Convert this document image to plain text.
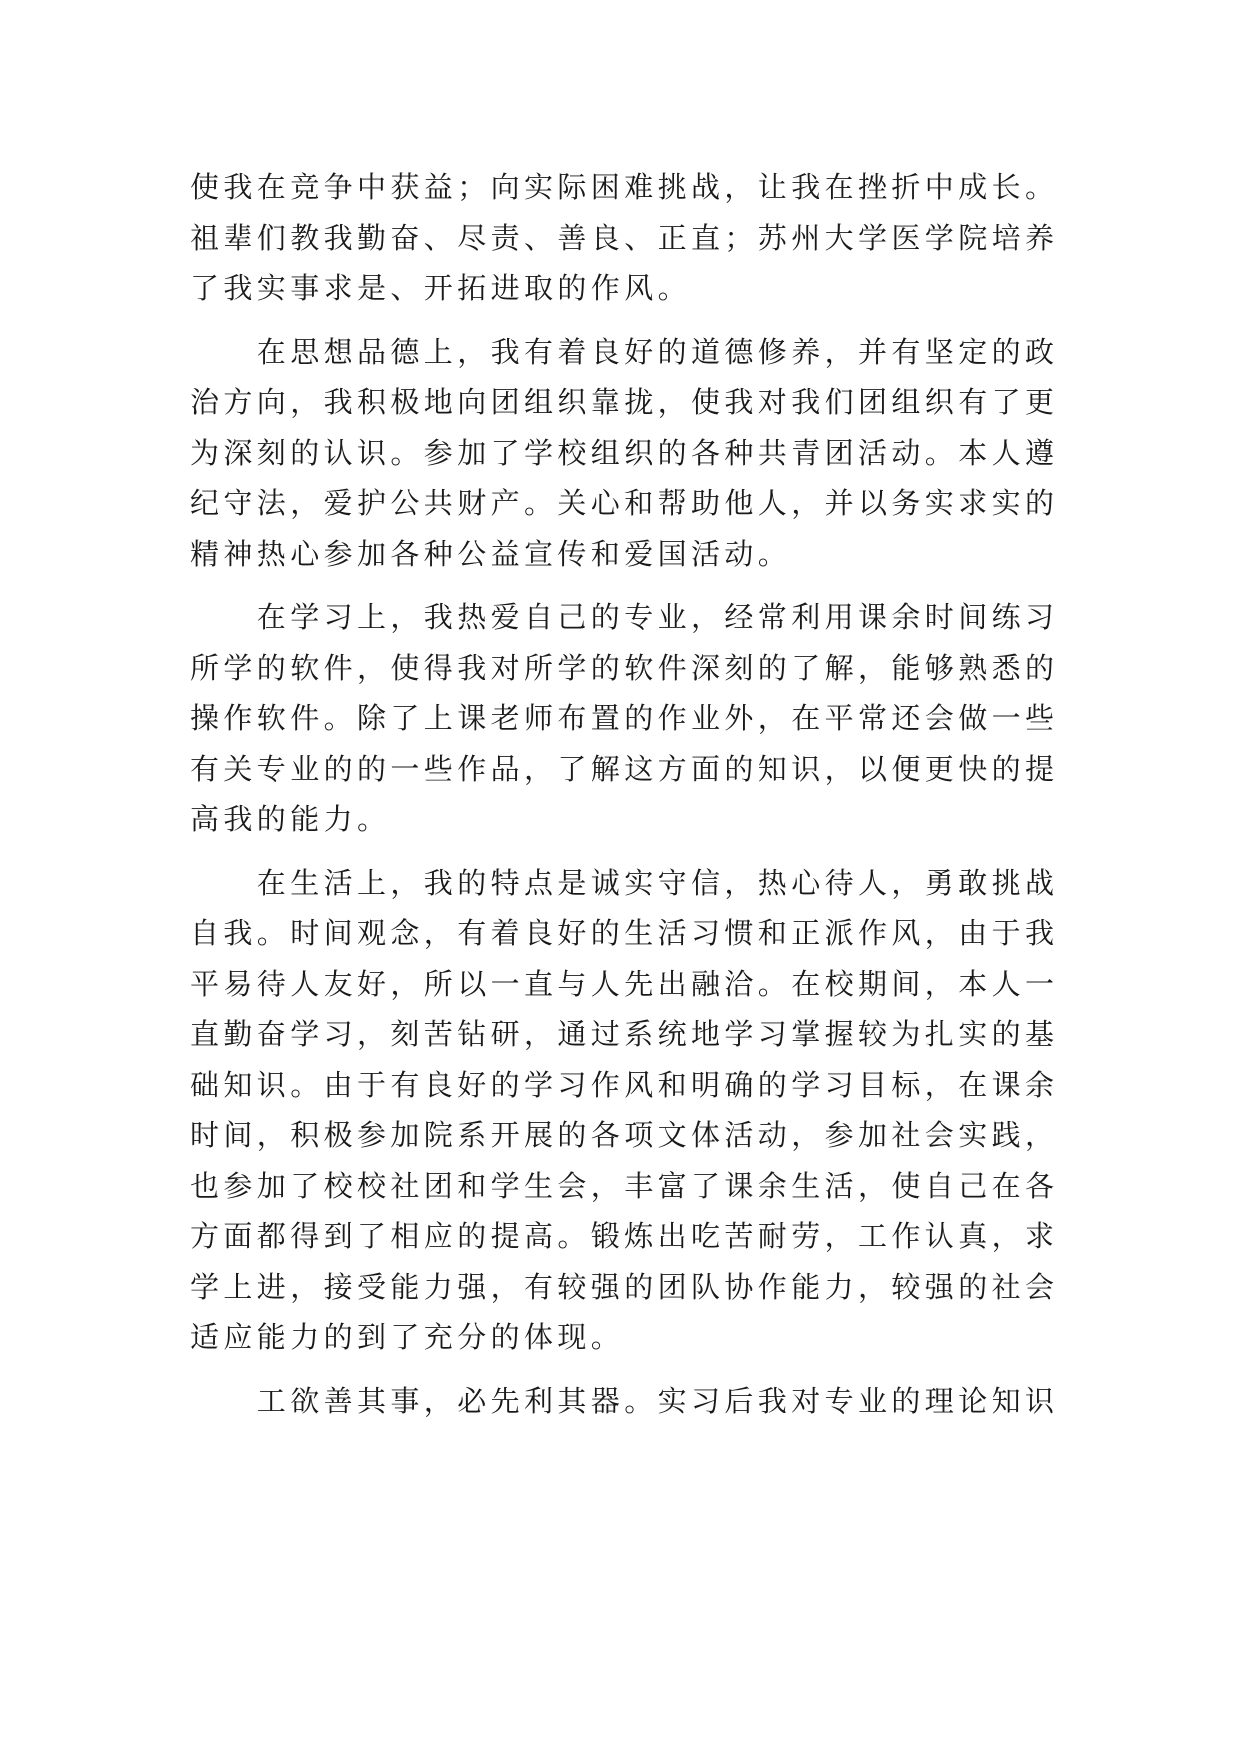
使我在竞争中获益；向实际困难挑战，让我在挫折中成长。
祖辈们教我勤奋、尽责、善良、正直；苏州大学医学院培养
了我实事求是、开拓进取的作风。
　　在思想品德上，我有着良好的道德修养，并有坚定的政
治方向，我积极地向团组织靠拢，使我对我们团组织有了更
为深刻的认识。参加了学校组织的各种共青团活动。本人遵
纪守法，爱护公共财产。关心和帮助他人，并以务实求实的
精神热心参加各种公益宣传和爱国活动。
　　在学习上，我热爱自己的专业，经常利用课余时间练习
所学的软件，使得我对所学的软件深刻的了解，能够熟悉的
操作软件。除了上课老师布置的作业外，在平常还会做一些
有关专业的的一些作品，了解这方面的知识，以便更快的提
高我的能力。
　　在生活上，我的特点是诚实守信，热心待人，勇敢挑战
自我。时间观念，有着良好的生活习惯和正派作风，由于我
平易待人友好，所以一直与人先出融洽。在校期间，本人一
直勤奋学习，刻苦钻研，通过系统地学习掌握较为扎实的基
础知识。由于有良好的学习作风和明确的学习目标，在课余
时间，积极参加院系开展的各项文体活动，参加社会实践，
也参加了校校社团和学生会，丰富了课余生活，使自己在各
方面都得到了相应的提高。锻炼出吃苦耐劳，工作认真，求
学上进，接受能力强，有较强的团队协作能力，较强的社会
适应能力的到了充分的体现。
　　工欲善其事，必先利其器。实习后我对专业的理论知识
